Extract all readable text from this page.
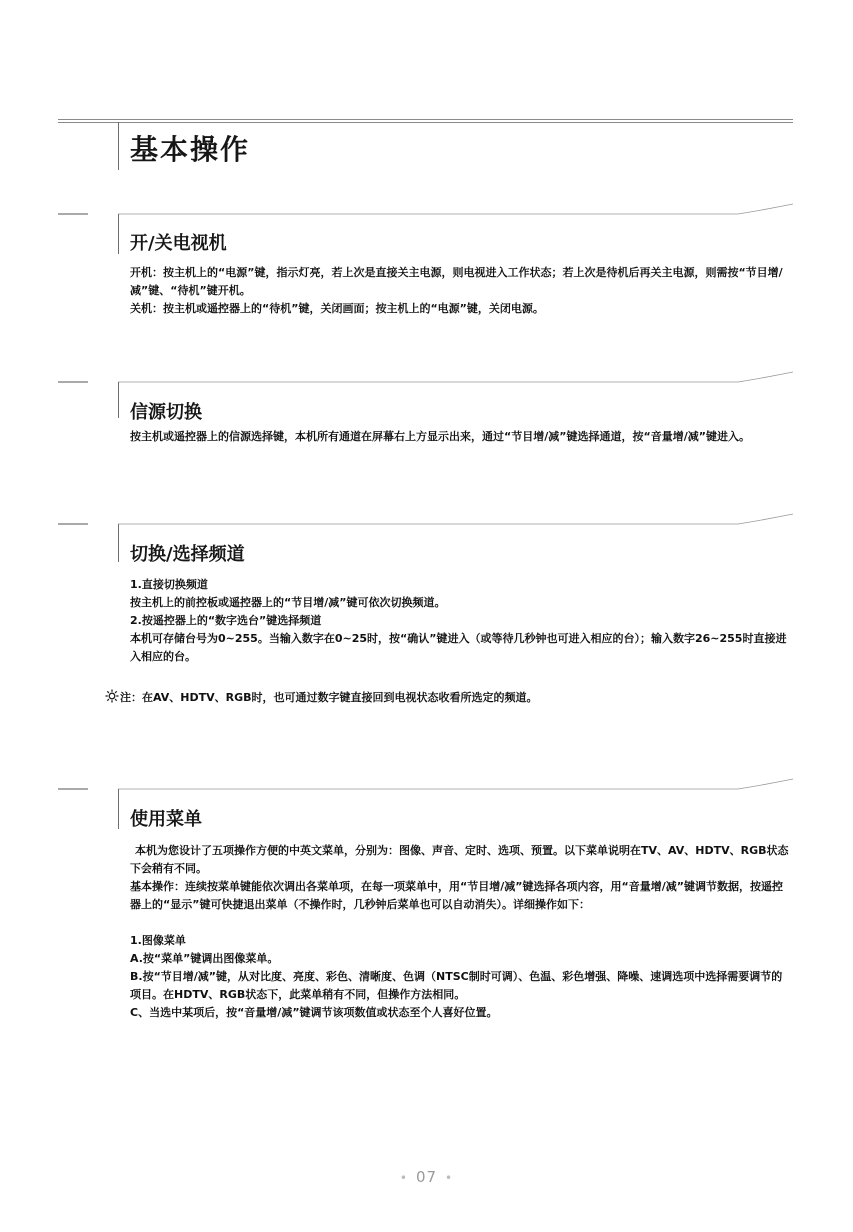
基本操作
开/关电视机

开机：按主机上的“电源”键，指示灯亮，若上次是直接关主电源，则电视进入工作状态；若上次是待机后再关主电源，则需按“节目增/减”键、“待机”键开机。

关机：按主机或遥控器上的“待机”键，关闭画面；按主机上的“电源”键，关闭电源。

信源切换

按主机或遥控器上的信源选择键，本机所有通道在屏幕右上方显示出来，通过“节目增/减”键选择通道，按“音量增/减”键进入。

切换/选择频道

1.直接切换频道

按主机上的前控板或遥控器上的“节目增/减”键可依次切换频道。

2.按遥控器上的“数字选台”键选择频道

本机可存储台号为0~255。当输入数字在0~25时，按“确认”键进入（或等待几秒钟也可进入相应的台）；输入数字26~255时直接进入相应的台。

注：在AV、HDTV、RGB时，也可通过数字键直接回到电视状态收看所选定的频道。
使用菜单

本机为您设计了五项操作方便的中英文菜单，分别为：图像、声音、定时、选项、预置。以下菜单说明在TV、AV、HDTV、RGB状态下会稍有不同。

基本操作：连续按菜单键能依次调出各菜单项，在每一项菜单中，用“节目增/减”键选择各项内容，用“音量增/减”键调节数据，按遥控器上的“显示”键可快捷退出菜单（不操作时，几秒钟后菜单也可以自动消失）。详细操作如下：

1.图像菜单

A.按“菜单”键调出图像菜单。

B.按“节目增/减”键，从对比度、亮度、彩色、清晰度、色调（NTSC制时可调）、色温、彩色增强、降噪、速调选项中选择需要调节的项目。在HDTV、RGB状态下，此菜单稍有不同，但操作方法相同。

C、当选中某项后，按“音量增/减”键调节该项数值或状态至个人喜好位置。

• 07 •
